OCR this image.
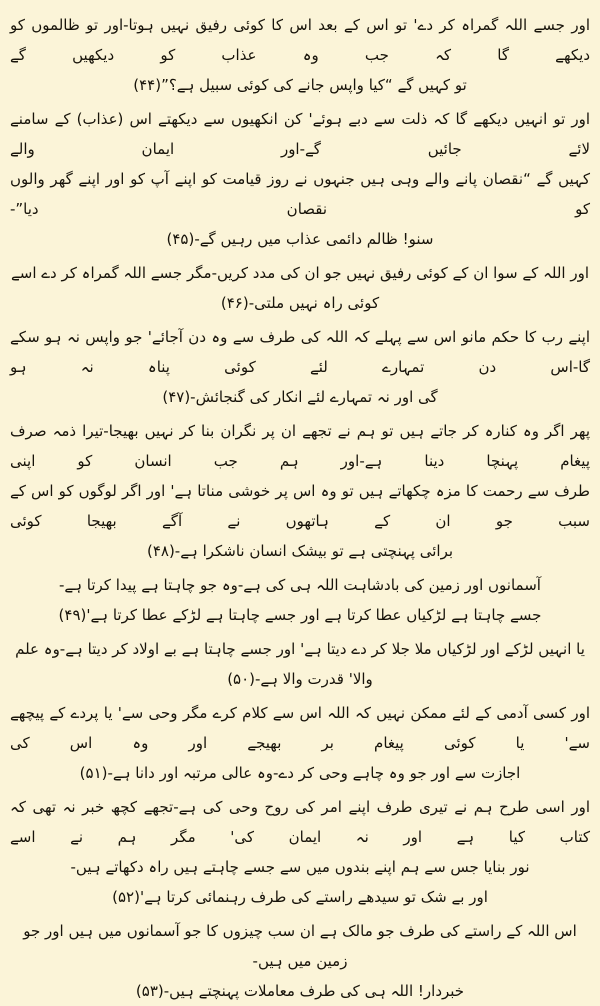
اور جسے اللہ گمراہ کر دے' تو اس کے بعد اس کا کوئی رفیق نہیں ہوتا-اور تو ظالموں کو دیکھے گا کہ جب وہ عذاب کو دیکھیں گے
تو کہیں گے “کیا واپس جانے کی کوئی سبیل ہے؟”(۴۴)
اور تو انہیں دیکھے گا کہ ذلت سے دبے ہوئے' کن انکھیوں سے دیکھتے اس (عذاب) کے سامنے لائے جائیں گے-اور ایمان والے
کہیں گے “نقصان پانے والے وہی ہیں جنہوں نے روز قیامت کو اپنے آپ کو اور اپنے گھر والوں کو نقصان دیا”-
سنو! ظالم دائمی عذاب میں رہیں گے-(۴۵)
اور اللہ کے سوا ان کے کوئی رفیق نہیں جو ان کی مدد کریں-مگر جسے اللہ گمراہ کر دے اسے کوئی راہ نہیں ملتی-(۴۶)
اپنے رب کا حکم مانو اس سے پہلے کہ اللہ کی طرف سے وہ دن آجائے' جو واپس نہ ہو سکے گا-اس دن تمہارے لئے کوئی پناہ نہ ہو
گی اور نہ تمہارے لئے انکار کی گنجائش-(۴۷)
پھر اگر وہ کنارہ کر جاتے ہیں تو ہم نے تجھے ان پر نگران بنا کر نہیں بھیجا-تیرا ذمہ صرف پیغام پہنچا دینا ہے-اور ہم جب انسان کو اپنی
طرف سے رحمت کا مزہ چکھاتے ہیں تو وہ اس پر خوشی مناتا ہے' اور اگر لوگوں کو اس کے سبب جو ان کے ہاتھوں نے آگے بھیجا کوئی
برائی پہنچتی ہے تو بیشک انسان ناشکرا ہے-(۴۸)
آسمانوں اور زمین کی بادشاہت اللہ ہی کی ہے-وہ جو چاہتا ہے پیدا کرتا ہے-
جسے چاہتا ہے لڑکیاں عطا کرتا ہے اور جسے چاہتا ہے لڑکے عطا کرتا ہے'(۴۹)
یا انہیں لڑکے اور لڑکیاں ملا جلا کر دے دیتا ہے' اور جسے چاہتا ہے بے اولاد کر دیتا ہے-وہ علم والا' قدرت والا ہے-(۵۰)
اور کسی آدمی کے لئے ممکن نہیں کہ اللہ اس سے کلام کرے مگر وحی سے' یا پردے کے پیچھے سے' یا کوئی پیغام بر بھیجے اور وہ اس کی
اجازت سے اور جو وہ چاہے وحی کر دے-وہ عالی مرتبہ اور دانا ہے-(۵۱)
اور اسی طرح ہم نے تیری طرف اپنے امر کی روح وحی کی ہے-تجھے کچھ خبر نہ تھی کہ کتاب کیا ہے اور نہ ایمان کی' مگر ہم نے اسے
نور بنایا جس سے ہم اپنے بندوں میں سے جسے چاہتے ہیں راہ دکھاتے ہیں-
اور بے شک تو سیدھے راستے کی طرف رہنمائی کرتا ہے'(۵۲)
اس اللہ کے راستے کی طرف جو مالک ہے ان سب چیزوں کا جو آسمانوں میں ہیں اور جو زمین میں ہیں-
خبردار! اللہ ہی کی طرف معاملات پہنچتے ہیں-(۵۳)
